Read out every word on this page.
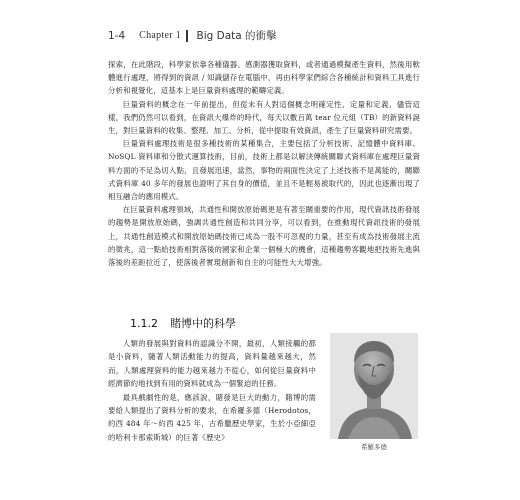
1-4 Chapter 1 Big Data 的衝擊

探索，在此階段，科學家依靠各種儀器、感測器獲取資料，或者通過模擬產生資料，然後用軟體進行處理，將得到的資訊 / 知識儲存在電腦中，再由科學家們綜合各種統計和資料工具進行分析和視覺化，這基本上是巨量資料處理的範疇定義。

巨量資料的概念在一年前提出，但從未有人對這個概念明確定性、定量和定義，儘管這樣，我們仍然可以看到，在資訊大爆炸的時代，每天以數百萬 tear 位元組（TB）的新資料誕生，對巨量資料的收集、整理、加工、分析，從中提取有效資訊，產生了巨量資料研究需要。

巨量資料處理技術是很多種技術的某種集合，主要包括了分析技術、記憶體中資料庫、NoSQL 資料庫和分散式運算技術，目前，技術上都是以解決傳統關聯式資料庫在處理巨量資料方面的不足為切入點，且發展迅速，當然，事物的兩面性決定了上述技術不是萬能的，關聯式資料庫 40 多年的發展也證明了其自身的價值，並且不是輕易被取代的，因此也逐漸出現了相互融合的應用模式。

在巨量資料處理領域，共通性和開放原始碼更是有著至關重要的作用，現代資訊技術發展的趨勢是開放原始碼，強調共通性創造和共同分享，可以看到，在推動現代資訊技術的發展上，共通性創造模式和開放原始碼技術已成為一股不可忽視的力量，甚至有成為技術發展主流的徵兆，這一點給技術相對落後的國家和企業一個極大的機會，這種趨勢客觀地把技術先進與落後的差距拉近了，使落後者實現創新和自主的可能性大大增強。

1.1.2 賭博中的科學

人類的發展與對資料的認識分不開，最初，人類接觸的都是小資料，隨著人類活動能力的提高，資料量越來越大，然而，人類處理資料的能力越來越力不從心，如何從巨量資料中經濟節約地找到有用的資料就成為一個緊迫的任務。

最具戲劇性的是，應該說，賭發是巨大的動力，賭博的需要給人類提出了資料分析的要求，在希羅多德（Herodotos，約西 484 年～約西 425 年，古希臘歷史學家，生於小亞細亞的哈利卡那索斯城）的巨著《歷史》

希羅多德
